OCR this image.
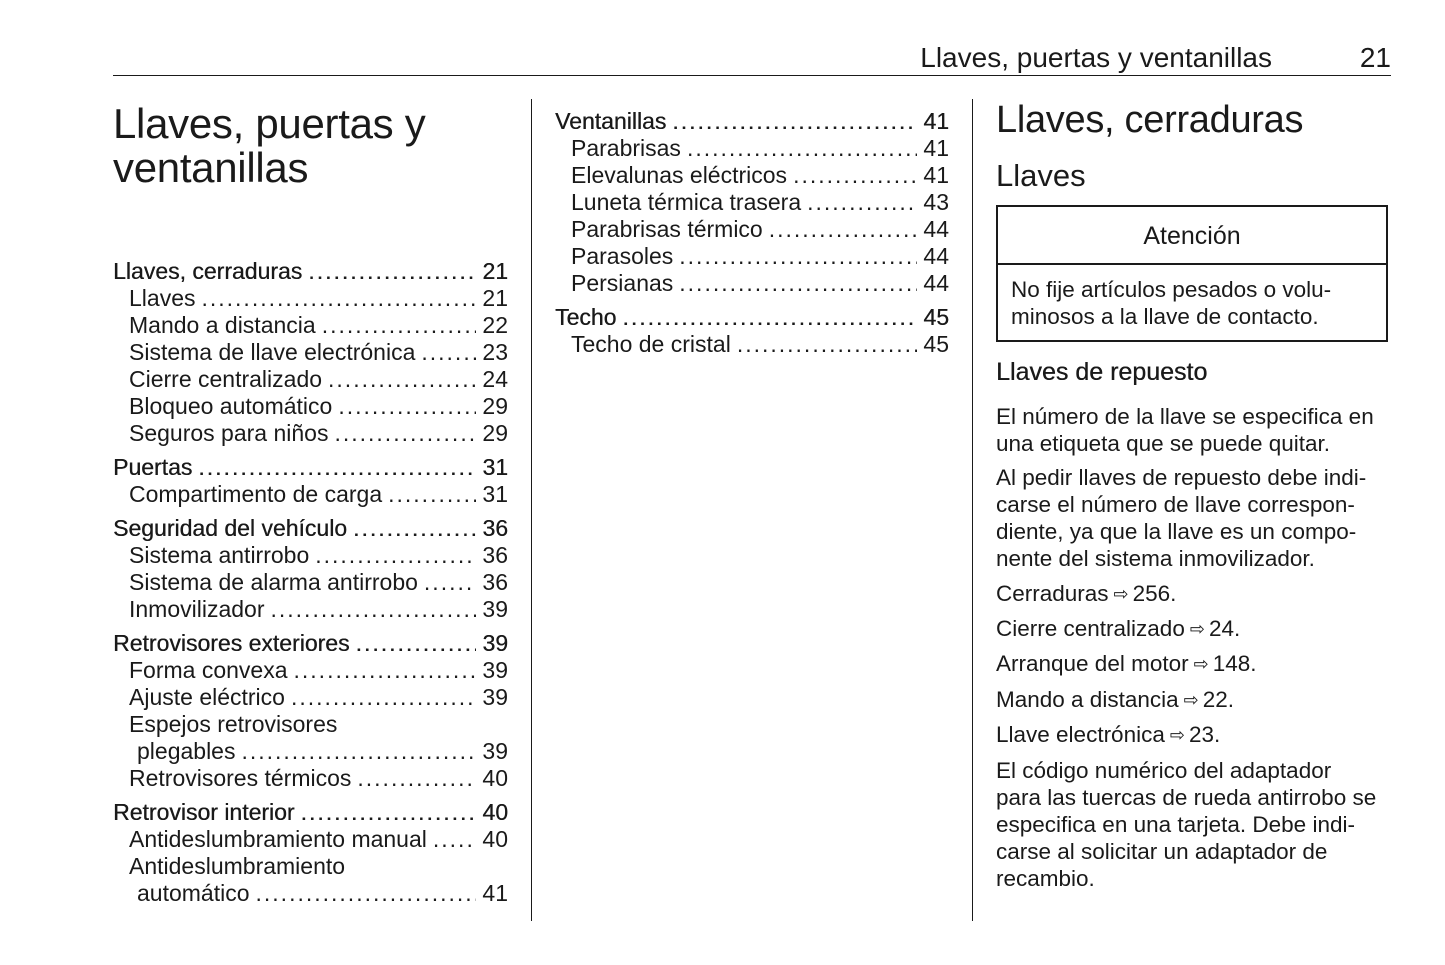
Llaves, puertas y ventanillas	21
Llaves, puertas y
ventanillas
Llaves, cerraduras .....	21
Llaves .....	21
Mando a distancia .....	22
Sistema de llave electrónica .....	23
Cierre centralizado .....	24
Bloqueo automático .....	29
Seguros para niños .....	29
Puertas .....	31
Compartimento de carga .....	31
Seguridad del vehículo .....	36
Sistema antirrobo .....	36
Sistema de alarma antirrobo .....	36
Inmovilizador .....	39
Retrovisores exteriores .....	39
Forma convexa .....	39
Ajuste eléctrico .....	39
Espejos retrovisores
plegables .....	39
Retrovisores térmicos .....	40
Retrovisor interior .....	40
Antideslumbramiento manual ..... 40
Antideslumbramiento
automático .....	41
Ventanillas .....	41
Parabrisas .....	41
Elevalunas eléctricos .....	41
Luneta térmica trasera .....	43
Parabrisas térmico .....	44
Parasoles .....	44
Persianas .....	44
Techo .....	45
Techo de cristal .....	45
Llaves, cerraduras
Llaves
Atención
No fije artículos pesados o volu-
minosos a la llave de contacto.
Llaves de repuesto
El número de la llave se especifica en
una etiqueta que se puede quitar.
Al pedir llaves de repuesto debe indi-
carse el número de llave correspon-
diente, ya que la llave es un compo-
nente del sistema inmovilizador.
Cerraduras ⇨ 256.
Cierre centralizado ⇨ 24.
Arranque del motor ⇨ 148.
Mando a distancia ⇨ 22.
Llave electrónica ⇨ 23.
El código numérico del adaptador
para las tuercas de rueda antirrobo se
especifica en una tarjeta. Debe indi-
carse al solicitar un adaptador de
recambio.
